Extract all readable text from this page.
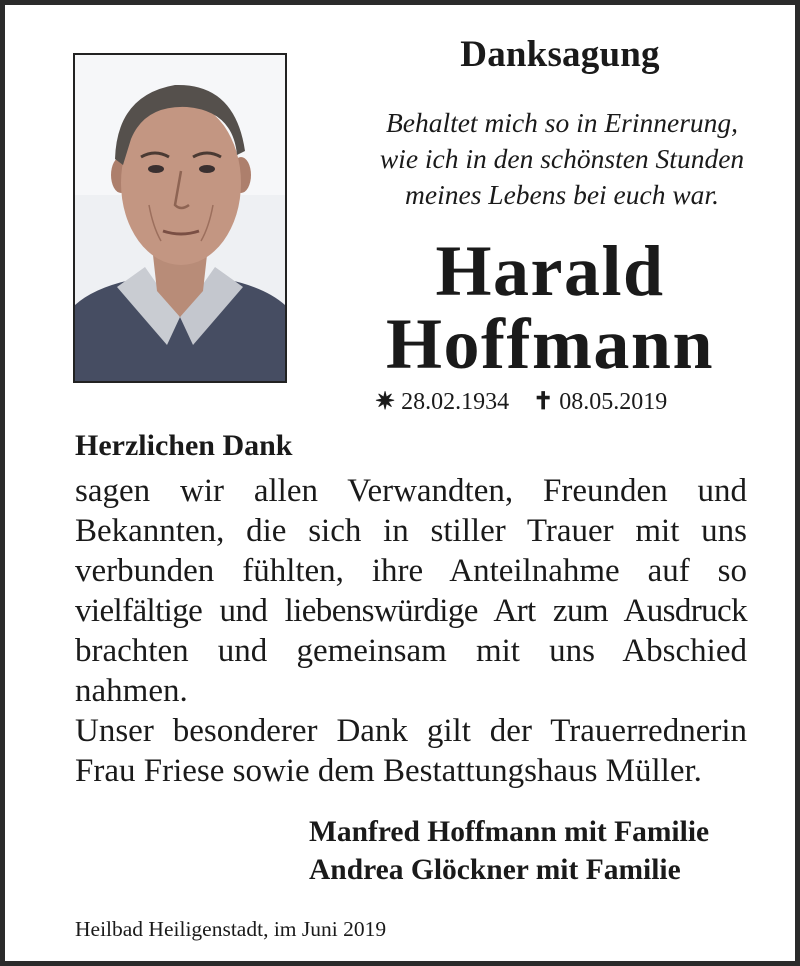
Danksagung
Behaltet mich so in Erinnerung,
wie ich in den schönsten Stunden
meines Lebens bei euch war.
Harald
Hoffmann
✷ 28.02.1934 ✝ 08.05.2019
Herzlichen Dank
sagen wir allen Verwandten, Freunden und
Bekannten, die sich in stiller Trauer mit uns
verbunden fühlten, ihre Anteilnahme auf so
vielfältige und liebenswürdige Art zum Ausdruck
brachten und gemeinsam mit uns Abschied
nahmen.
Unser besonderer Dank gilt der Trauerrednerin
Frau Friese sowie dem Bestattungshaus Müller.
Manfred Hoffmann mit Familie
Andrea Glöckner mit Familie
Heilbad Heiligenstadt, im Juni 2019
